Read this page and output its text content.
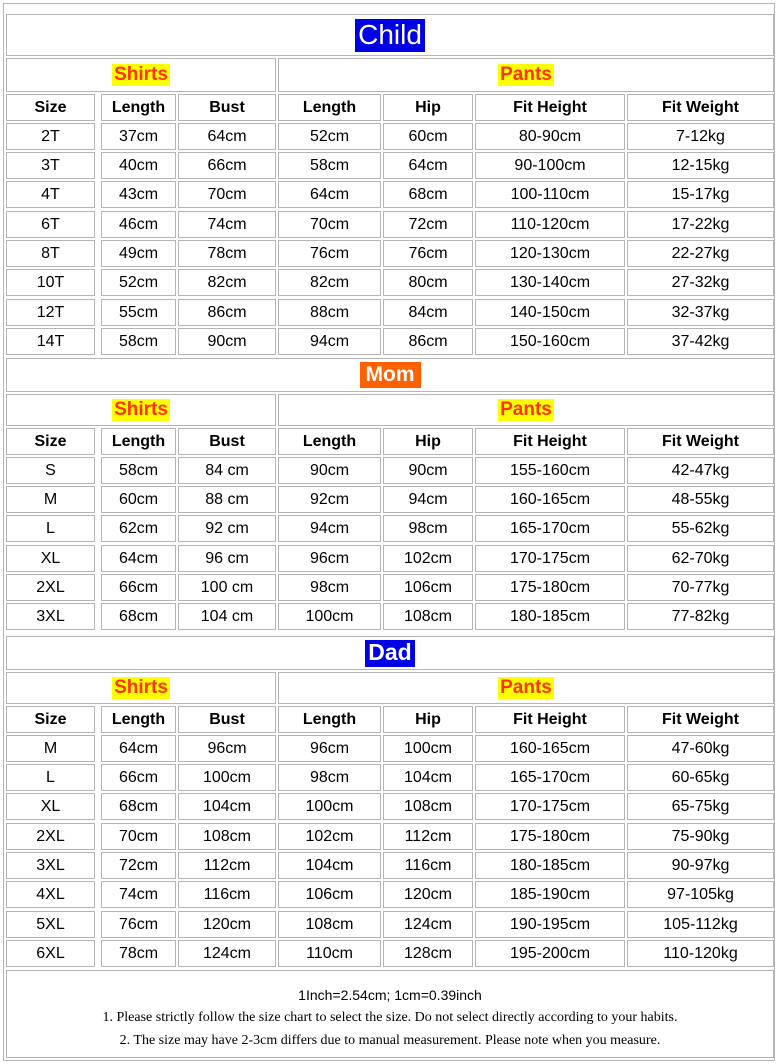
Child
Shirts	Pants
Size	Length	Bust	Length	Hip	Fit Height	Fit Weight
2T	37cm	64cm	52cm	60cm	80-90cm	7-12kg
3T	40cm	66cm	58cm	64cm	90-100cm	12-15kg
4T	43cm	70cm	64cm	68cm	100-110cm	15-17kg
6T	46cm	74cm	70cm	72cm	110-120cm	17-22kg
8T	49cm	78cm	76cm	76cm	120-130cm	22-27kg
10T	52cm	82cm	82cm	80cm	130-140cm	27-32kg
12T	55cm	86cm	88cm	84cm	140-150cm	32-37kg
14T	58cm	90cm	94cm	86cm	150-160cm	37-42kg
Mom
Shirts	Pants
Size	Length	Bust	Length	Hip	Fit Height	Fit Weight
S	58cm	84 cm	90cm	90cm	155-160cm	42-47kg
M	60cm	88 cm	92cm	94cm	160-165cm	48-55kg
L	62cm	92 cm	94cm	98cm	165-170cm	55-62kg
XL	64cm	96 cm	96cm	102cm	170-175cm	62-70kg
2XL	66cm	100 cm	98cm	106cm	175-180cm	70-77kg
3XL	68cm	104 cm	100cm	108cm	180-185cm	77-82kg
Dad
Shirts	Pants
Size	Length	Bust	Length	Hip	Fit Height	Fit Weight
M	64cm	96cm	96cm	100cm	160-165cm	47-60kg
L	66cm	100cm	98cm	104cm	165-170cm	60-65kg
XL	68cm	104cm	100cm	108cm	170-175cm	65-75kg
2XL	70cm	108cm	102cm	112cm	175-180cm	75-90kg
3XL	72cm	112cm	104cm	116cm	180-185cm	90-97kg
4XL	74cm	116cm	106cm	120cm	185-190cm	97-105kg
5XL	76cm	120cm	108cm	124cm	190-195cm	105-112kg
6XL	78cm	124cm	110cm	128cm	195-200cm	110-120kg
1Inch=2.54cm; 1cm=0.39inch
1. Please strictly follow the size chart to select the size. Do not select directly according to your habits.
2. The size may have 2-3cm differs due to manual measurement. Please note when you measure.
